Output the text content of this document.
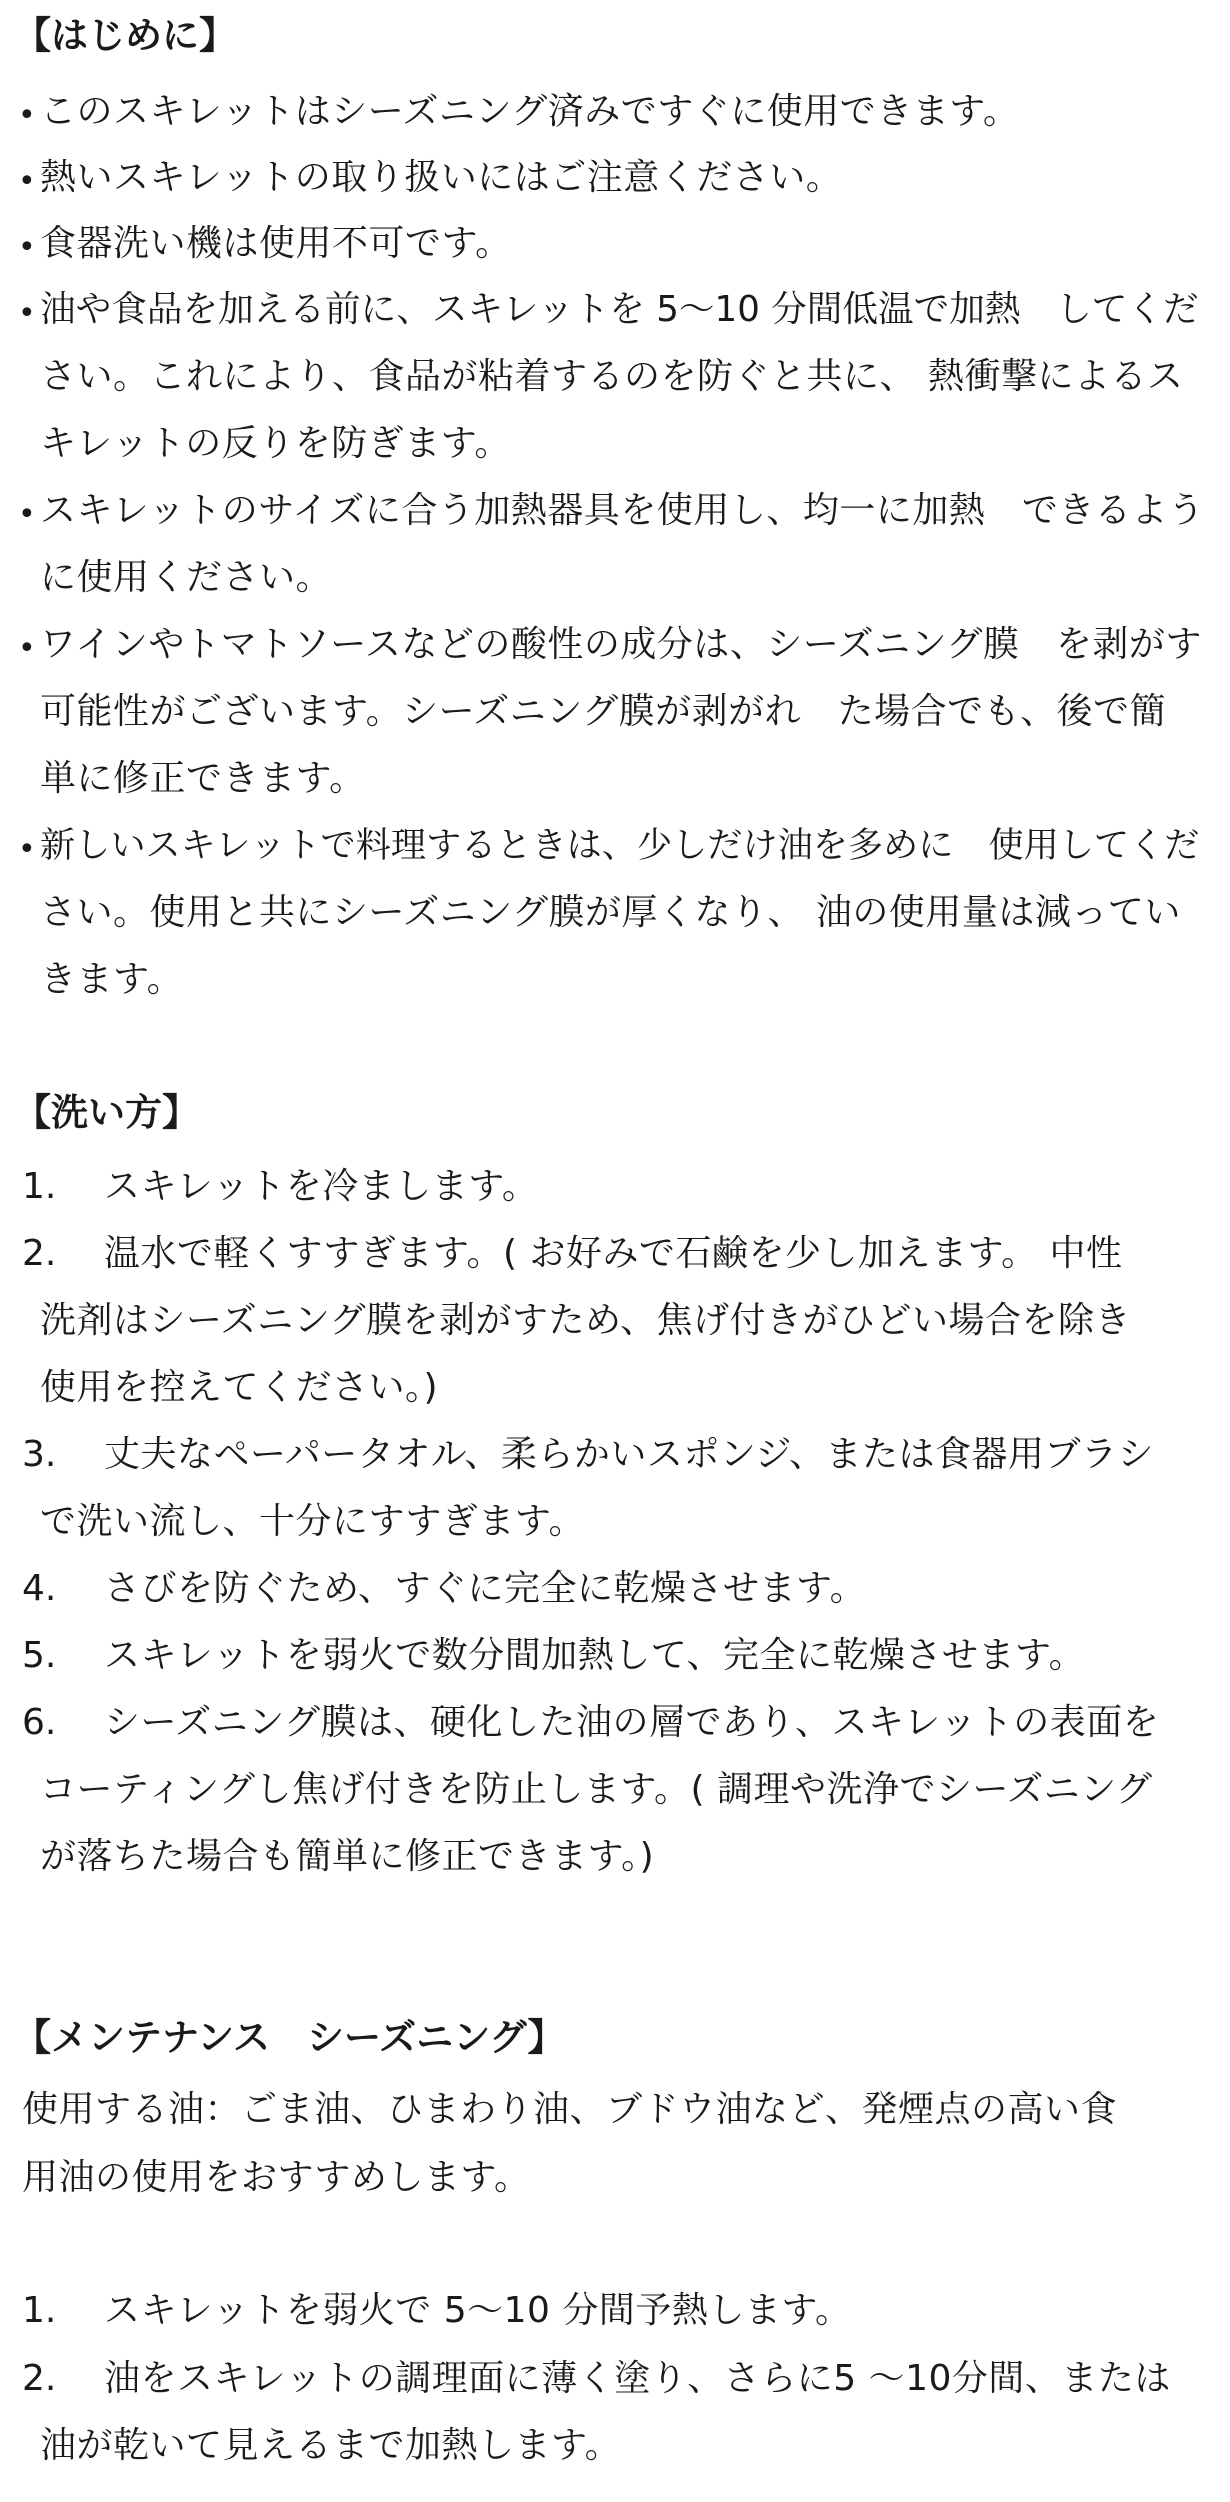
【はじめに】
• このスキレットはシーズニング済みですぐに使用できます。
• 熱いスキレットの取り扱いにはご注意ください。
• 食器洗い機は使用不可です。
• 油や食品を加える前に、スキレットを 5〜10 分間低温で加熱　してくだ
さい。これにより、食品が粘着するのを防ぐと共に、 熱衝撃によるス
キレットの反りを防ぎます。
• スキレットのサイズに合う加熱器具を使用し、均一に加熱　できるよう
に使用ください。
• ワインやトマトソースなどの酸性の成分は、シーズニング膜　を剥がす
可能性がございます。シーズニング膜が剥がれ　た場合でも、後で簡
単に修正できます。
• 新しいスキレットで料理するときは、少しだけ油を多めに　使用してくだ
さい。使用と共にシーズニング膜が厚くなり、 油の使用量は減ってい
きます。
【洗い方】
1. スキレットを冷まします。
2. 温水で軽くすすぎます。( お好みで石鹸を少し加えます。 中性
洗剤はシーズニング膜を剥がすため、焦げ付きがひどい場合を除き
使用を控えてください。)
3. 丈夫なペーパータオル、柔らかいスポンジ、または食器用ブラシ
で洗い流し、十分にすすぎます。
4. さびを防ぐため、すぐに完全に乾燥させます。
5. スキレットを弱火で数分間加熱して、完全に乾燥させます。
6. シーズニング膜は、硬化した油の層であり、スキレットの表面を
コーティングし焦げ付きを防止します。( 調理や洗浄でシーズニング
が落ちた場合も簡単に修正できます。)
【メンテナンス　シーズニング】
使用する油：ごま油、ひまわり油、ブドウ油など、発煙点の高い食
用油の使用をおすすめします。
1. スキレットを弱火で 5〜10 分間予熱します。
2. 油をスキレットの調理面に薄く塗り、さらに5 〜10分間、または
油が乾いて見えるまで加熱します。
